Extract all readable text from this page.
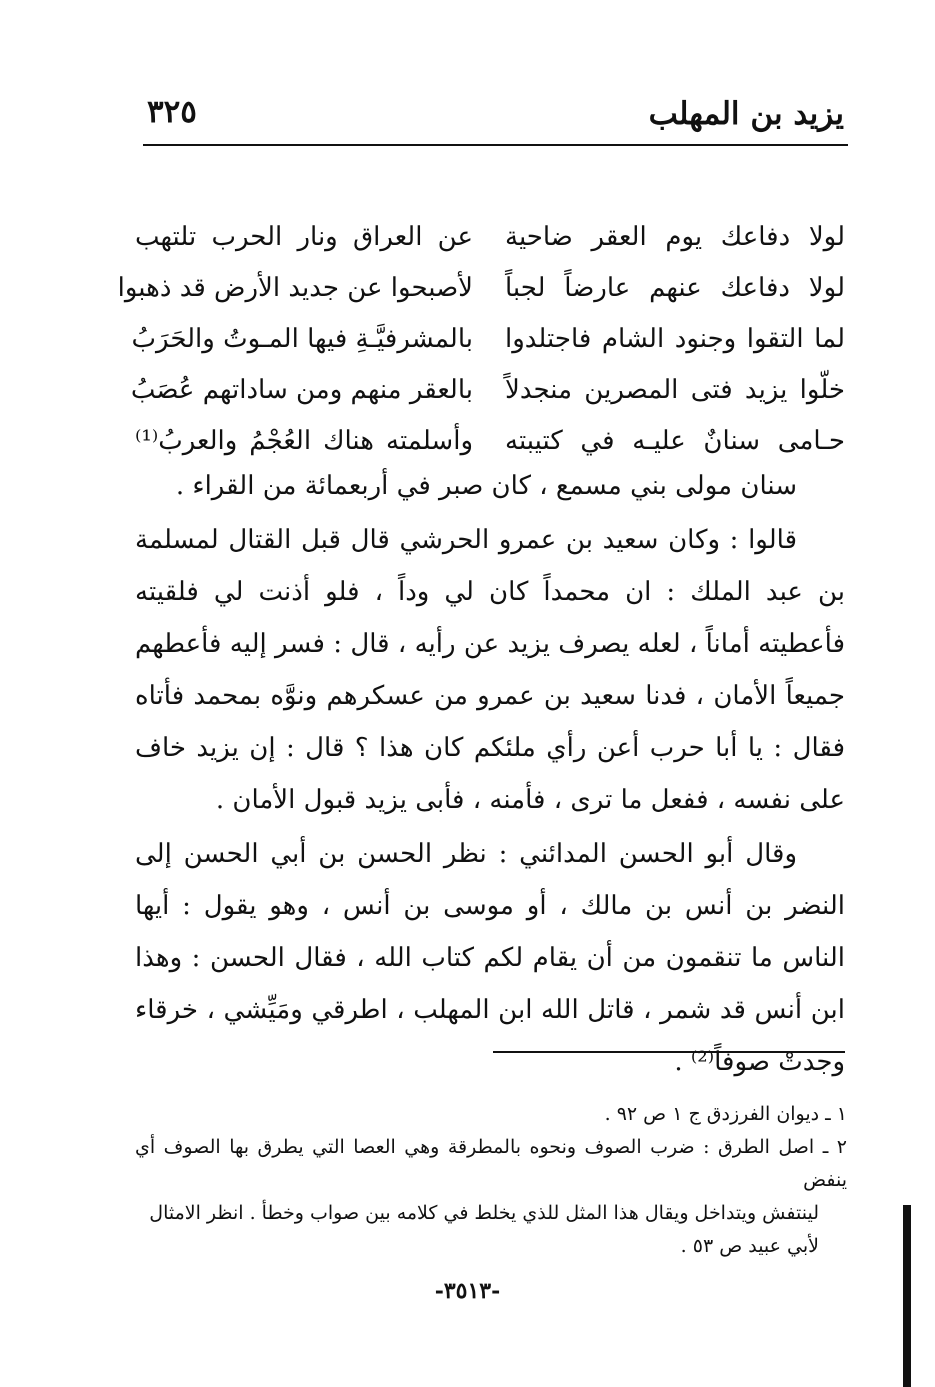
يزيد بن المهلب
٣٢٥
لولا دفاعك يوم العقر ضاحية
عن العراق ونار الحرب تلتهب
لولا دفاعك عنهم عارضاً لجباً
لأصبحوا عن جديد الأرض قد ذهبوا
لما التقوا وجنود الشام فاجتلدوا
بالمشرفيَّـةِ فيها المـوتُ والحَرَبُ
خلّوا يزيد فتى المصرين منجدلاً
بالعقر منهم ومن ساداتهم عُصَبُ
حـامى سنانٌ عليـه في كتيبته
وأسلمته هناك العُجْمُ والعربُ⁽¹⁾

سنان مولى بني مسمع ، كان صبر في أربعمائة من القراء .

قالوا : وكان سعيد بن عمرو الحرشي قال قبل القتال لمسلمة بن عبد الملك : ان محمداً كان لي وداً ، فلو أذنت لي فلقيته فأعطيته أماناً ، لعله يصرف يزيد عن رأيه ، قال : فسر إليه فأعطهم جميعاً الأمان ، فدنا سعيد بن عمرو من عسكرهم ونوَّه بمحمد فأتاه فقال : يا أبا حرب أعن رأي ملئكم كان هذا ؟ قال : إن يزيد خاف على نفسه ، ففعل ما ترى ، فأمنه ، فأبى يزيد قبول الأمان .

وقال أبو الحسن المدائني : نظر الحسن بن أبي الحسن إلى النضر بن أنس بن مالك ، أو موسى بن أنس ، وهو يقول : أيها الناس ما تنقمون من أن يقام لكم كتاب الله ، فقال الحسن : وهذا ابن أنس قد شمر ، قاتل الله ابن المهلب ، اطرقي ومَيِّشي ، خرقاء وجدتْ صوفاً⁽²⁾ .

١ ـ ديوان الفرزدق ج ١ ص ٩٢ .
٢ ـ اصل الطرق : ضرب الصوف ونحوه بالمطرقة وهي العصا التي يطرق بها الصوف أي ينفض
لينتفش ويتداخل ويقال هذا المثل للذي يخلط في كلامه بين صواب وخطأ . انظر الامثال
لأبي عبيد ص ٥٣ .
-٣٥١٣-
